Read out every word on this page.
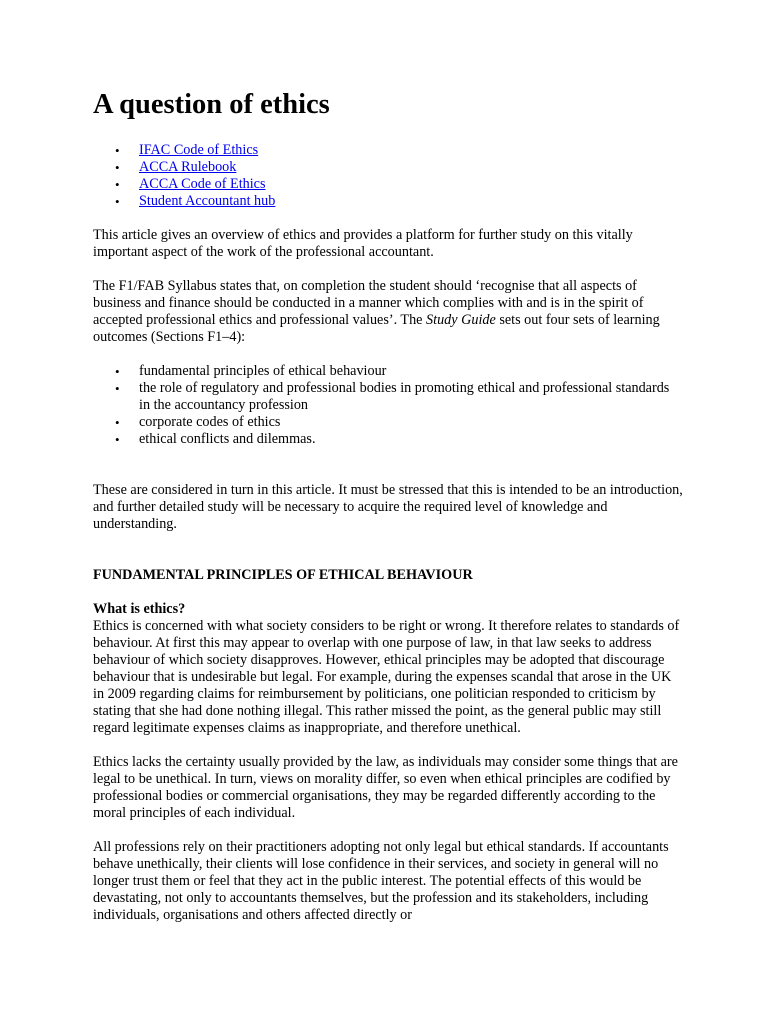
A question of ethics
• IFAC Code of Ethics
• ACCA Rulebook
• ACCA Code of Ethics
• Student Accountant hub

This article gives an overview of ethics and provides a platform for further study on this vitally important aspect of the work of the professional accountant.

The F1/FAB Syllabus states that, on completion the student should ‘recognise that all aspects of business and finance should be conducted in a manner which complies with and is in the spirit of accepted professional ethics and professional values’. The Study Guide sets out four sets of learning outcomes (Sections F1–4):

• fundamental principles of ethical behaviour
• the role of regulatory and professional bodies in promoting ethical and professional standards in the accountancy profession
• corporate codes of ethics
• ethical conflicts and dilemmas.

These are considered in turn in this article. It must be stressed that this is intended to be an introduction, and further detailed study will be necessary to acquire the required level of knowledge and understanding.

FUNDAMENTAL PRINCIPLES OF ETHICAL BEHAVIOUR

What is ethics?

Ethics is concerned with what society considers to be right or wrong. It therefore relates to standards of behaviour. At first this may appear to overlap with one purpose of law, in that law seeks to address behaviour of which society disapproves. However, ethical principles may be adopted that discourage behaviour that is undesirable but legal. For example, during the expenses scandal that arose in the UK in 2009 regarding claims for reimbursement by politicians, one politician responded to criticism by stating that she had done nothing illegal. This rather missed the point, as the general public may still regard legitimate expenses claims as inappropriate, and therefore unethical.

Ethics lacks the certainty usually provided by the law, as individuals may consider some things that are legal to be unethical. In turn, views on morality differ, so even when ethical principles are codified by professional bodies or commercial organisations, they may be regarded differently according to the moral principles of each individual.

All professions rely on their practitioners adopting not only legal but ethical standards. If accountants behave unethically, their clients will lose confidence in their services, and society in general will no longer trust them or feel that they act in the public interest. The potential effects of this would be devastating, not only to accountants themselves, but the profession and its stakeholders, including individuals, organisations and others affected directly or
